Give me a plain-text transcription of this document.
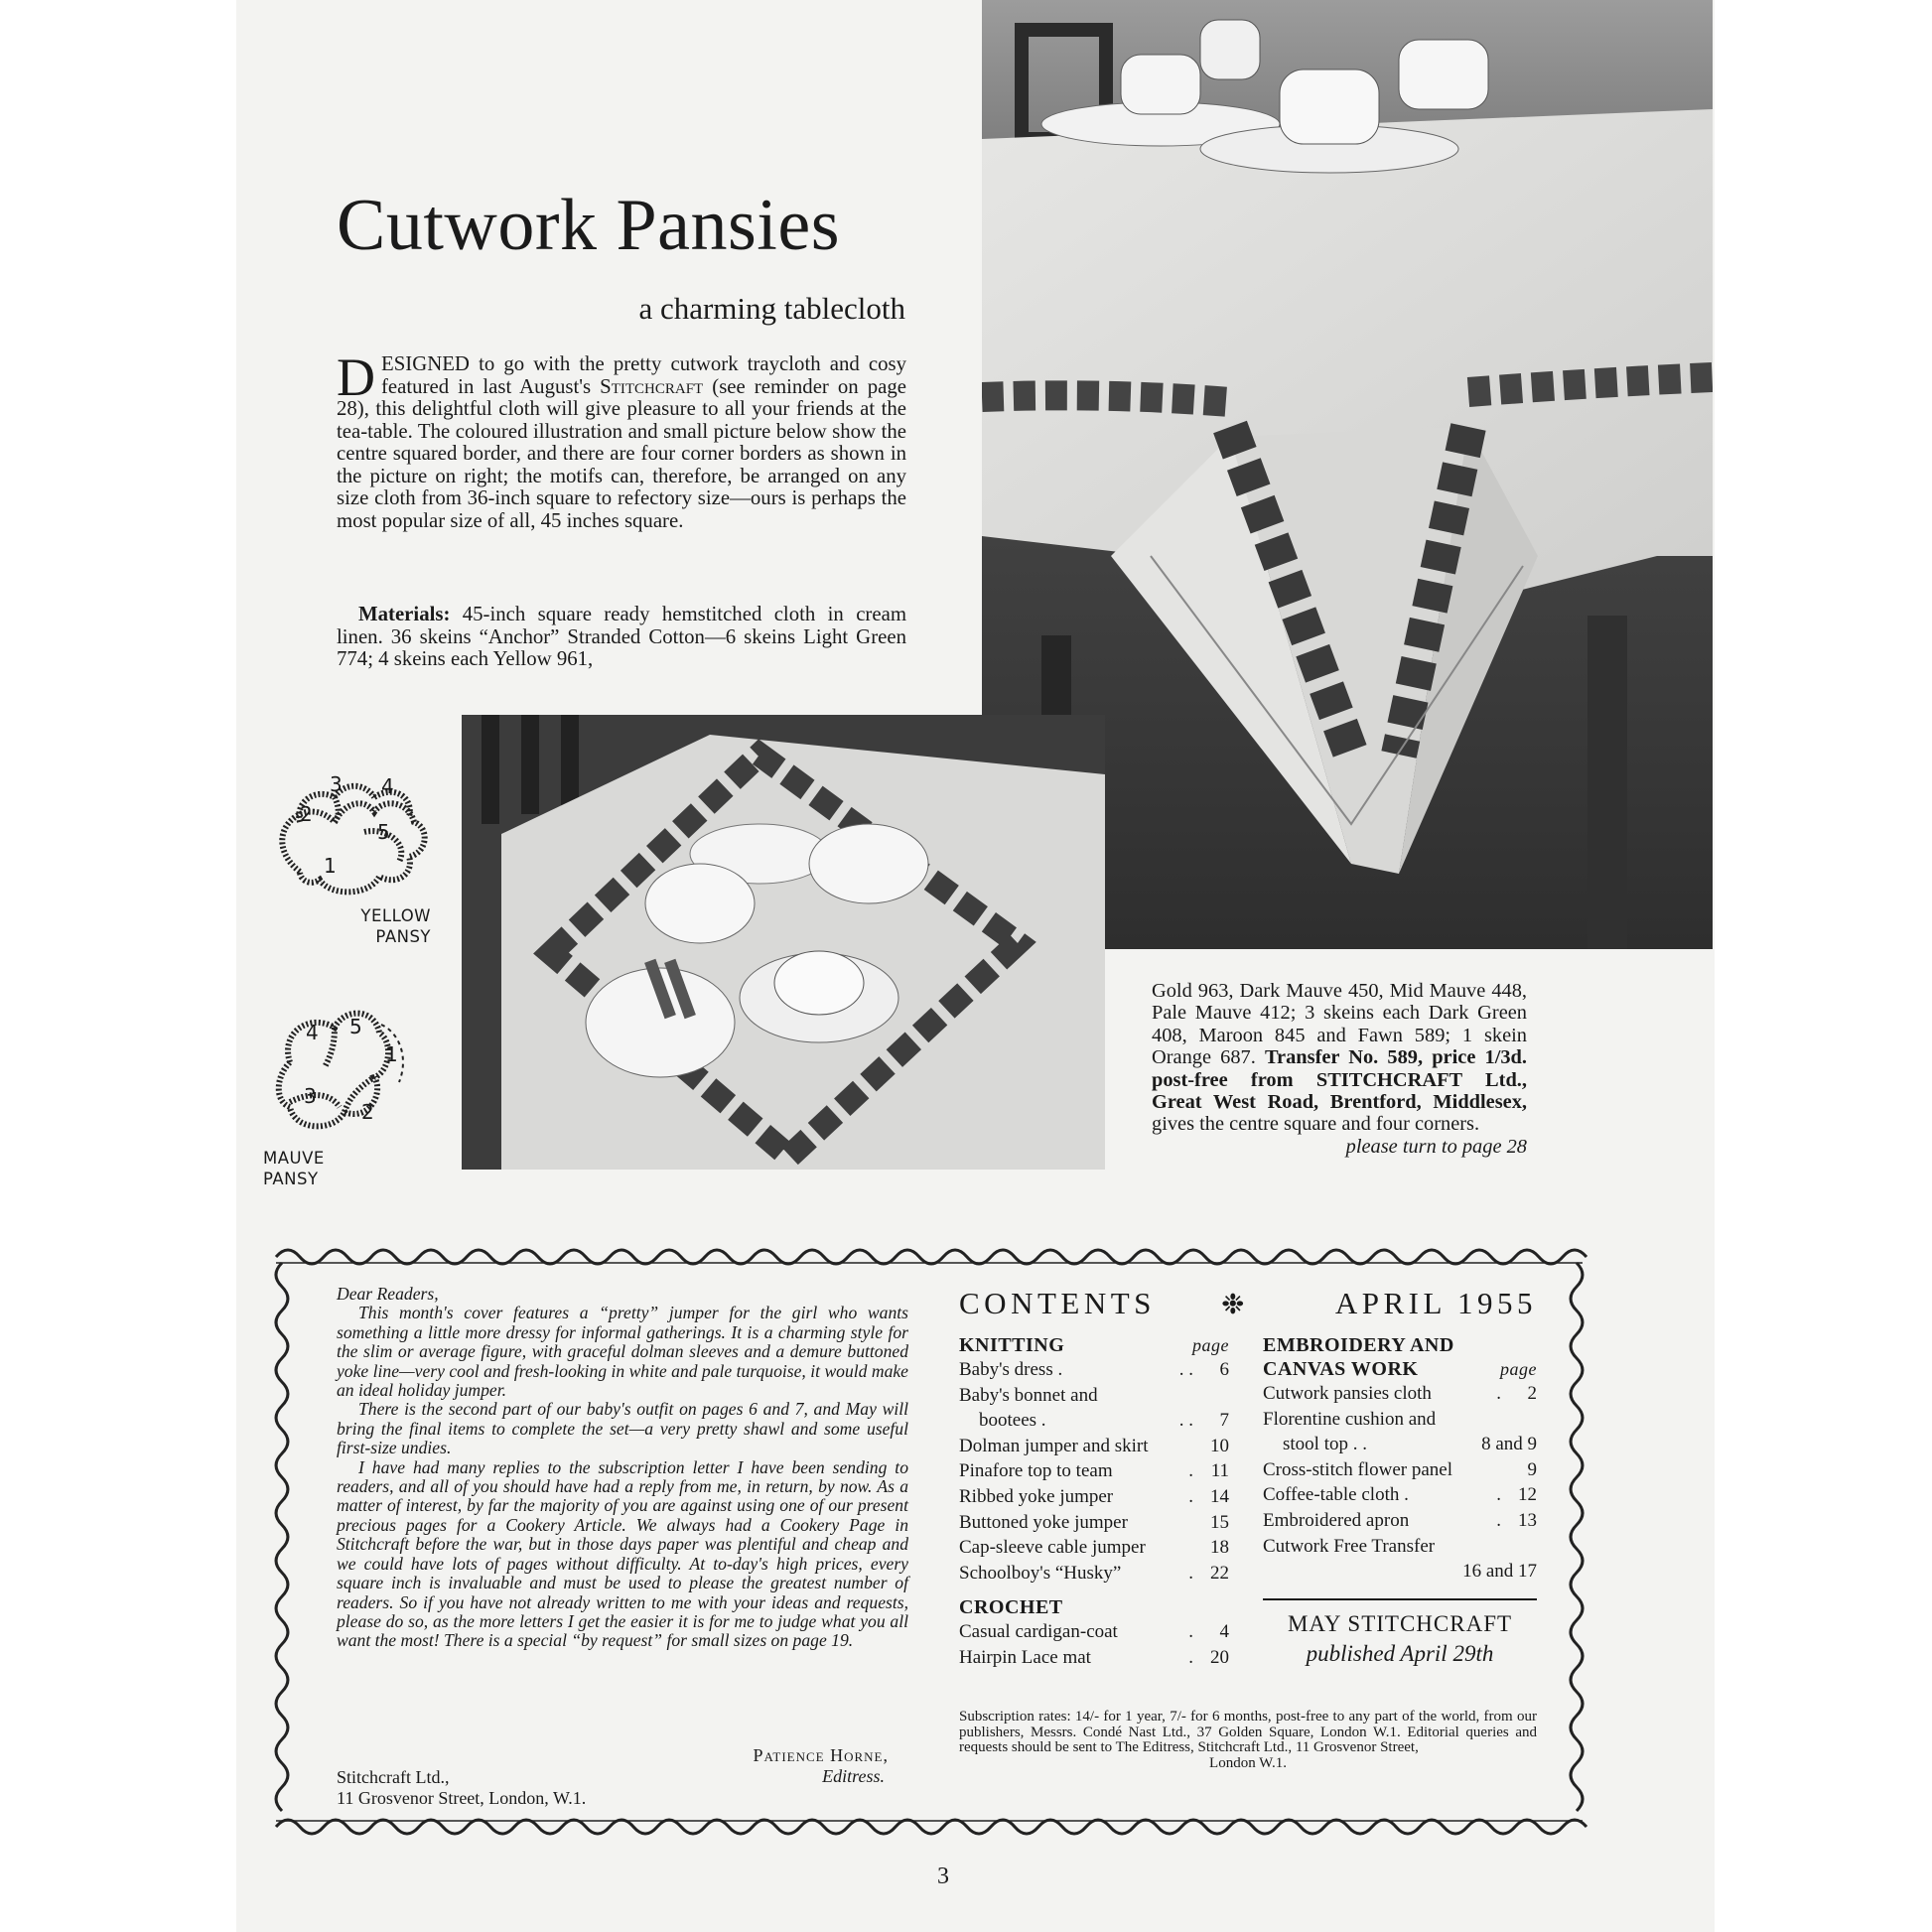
Cutwork Pansies
a charming tablecloth
DESIGNED to go with the pretty cutwork traycloth and cosy featured in last August's Stitchcraft (see reminder on page 28), this delightful cloth will give pleasure to all your friends at the tea-table. The coloured illustration and small picture below show the centre squared border, and there are four corner borders as shown in the picture on right; the motifs can, therefore, be arranged on any size cloth from 36-inch square to refectory size—ours is perhaps the most popular size of all, 45 inches square.
Materials: 45-inch square ready hemstitched cloth in cream linen. 36 skeins “Anchor” Stranded Cotton—6 skeins Light Green 774; 4 skeins each Yellow 961,
Gold 963, Dark Mauve 450, Mid Mauve 448, Pale Mauve 412; 3 skeins each Dark Green 408, Maroon 845 and Fawn 589; 1 skein Orange 687. Transfer No. 589, price 1/3d. post-free from STITCHCRAFT Ltd., Great West Road, Brentford, Middlesex, gives the centre square and four corners.
please turn to page 28
3 4
2
5
1
YELLOW
PANSY
4 5
1
3
2
MAUVE
PANSY

Dear Readers,

This month's cover features a “pretty” jumper for the girl who wants something a little more dressy for informal gatherings. It is a charming style for the slim or average figure, with graceful dolman sleeves and a demure buttoned yoke line—very cool and fresh-looking in white and pale turquoise, it would make an ideal holiday jumper.

There is the second part of our baby's outfit on pages 6 and 7, and May will bring the final items to complete the set—a very pretty shawl and some useful first-size undies.

I have had many replies to the subscription letter I have been sending to readers, and all of you should have had a reply from me, in return, by now. As a matter of interest, by far the majority of you are against using one of our present precious pages for a Cookery Article. We always had a Cookery Page in Stitchcraft before the war, but in those days paper was plentiful and cheap and we could have lots of pages without difficulty. At to-day's high prices, every square inch is invaluable and must be used to please the greatest number of readers. So if you have not already written to me with your ideas and requests, please do so, as the more letters I get the easier it is for me to judge what you all want the most! There is a special “by request” for small sizes on page 19.

Patience Horne,
Editress.
Stitchcraft Ltd.,
11 Grosvenor Street, London, W.1.
CONTENTS ❉	APRIL 1955
KNITTING	page
Baby's dress .	. .	6
Baby's bonnet and
bootees .	. .	7
Dolman jumper and skirt	10
Pinafore top to team	. 11
Ribbed yoke jumper	. 14
Buttoned yoke jumper	15
Cap-sleeve cable jumper	18
Schoolboy's “Husky”	. 22
CROCHET
Casual cardigan-coat	.	4
Hairpin Lace mat	. 20
EMBROIDERY AND
CANVAS WORK	page
Cutwork pansies cloth	.	2
Florentine cushion and
stool top . .	8 and 9
Cross-stitch flower panel	9
Coffee-table cloth .	. 12
Embroidered apron	. 13
Cutwork Free Transfer
16 and 17
MAY STITCHCRAFT
published April 29th
Subscription rates: 14/- for 1 year, 7/- for 6 months, post-free to any part of the world, from our publishers, Messrs. Condé Nast Ltd., 37 Golden Square, London W.1. Editorial queries and requests should be sent to The Editress, Stitchcraft Ltd., 11 Grosvenor Street,
London W.1.
3
